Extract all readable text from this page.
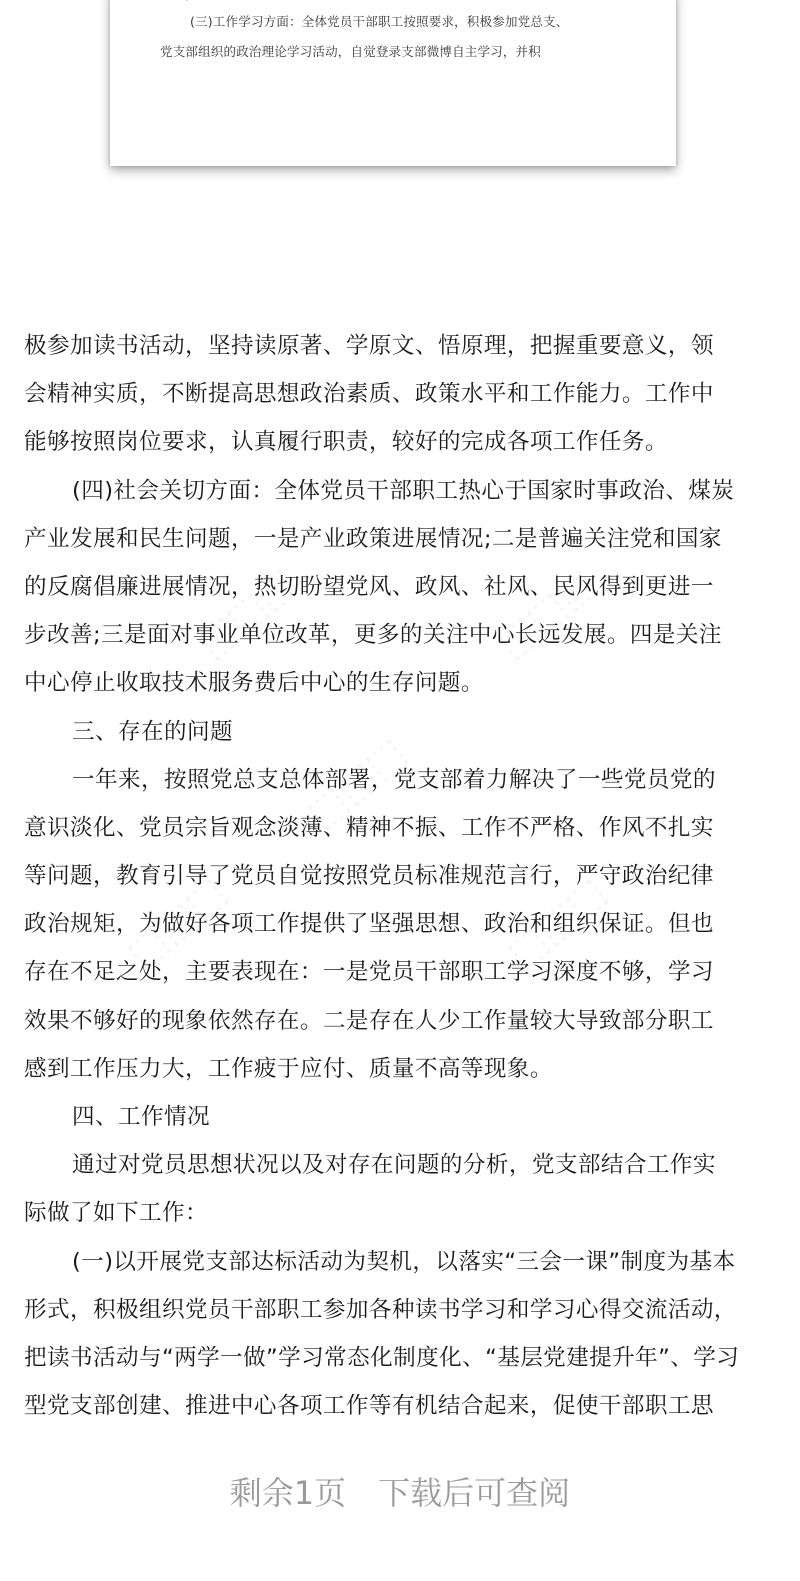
(三)工作学习方面：全体党员干部职工按照要求，积极参加党总支、
党支部组织的政治理论学习活动，自觉登录支部微博自主学习，并积
极参加读书活动，坚持读原著、学原文、悟原理，把握重要意义，领
会精神实质，不断提高思想政治素质、政策水平和工作能力。工作中
能够按照岗位要求，认真履行职责，较好的完成各项工作任务。
(四)社会关切方面：全体党员干部职工热心于国家时事政治、煤炭
产业发展和民生问题，一是产业政策进展情况;二是普遍关注党和国家
的反腐倡廉进展情况，热切盼望党风、政风、社风、民风得到更进一
步改善;三是面对事业单位改革，更多的关注中心长远发展。四是关注
中心停止收取技术服务费后中心的生存问题。
三、存在的问题
一年来，按照党总支总体部署，党支部着力解决了一些党员党的
意识淡化、党员宗旨观念淡薄、精神不振、工作不严格、作风不扎实
等问题，教育引导了党员自觉按照党员标准规范言行，严守政治纪律
政治规矩，为做好各项工作提供了坚强思想、政治和组织保证。但也
存在不足之处，主要表现在：一是党员干部职工学习深度不够，学习
效果不够好的现象依然存在。二是存在人少工作量较大导致部分职工
感到工作压力大，工作疲于应付、质量不高等现象。
四、工作情况
通过对党员思想状况以及对存在问题的分析，党支部结合工作实
际做了如下工作：
(一)以开展党支部达标活动为契机，以落实“三会一课”制度为基本
形式，积极组织党员干部职工参加各种读书学习和学习心得交流活动，
把读书活动与“两学一做”学习常态化制度化、“基层党建提升年”、学习
型党支部创建、推进中心各项工作等有机结合起来，促使干部职工思
剩余1页 下载后可查阅
